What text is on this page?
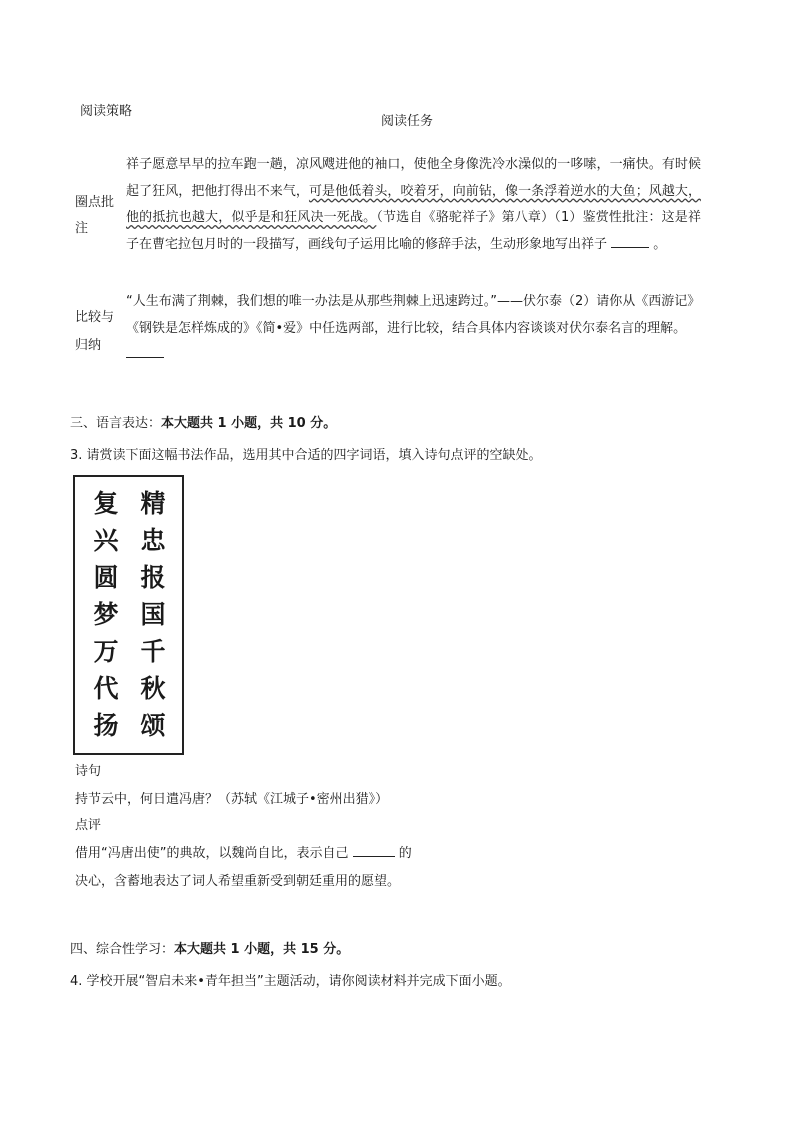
阅读策略
阅读任务
圈点批注
祥子愿意早早的拉车跑一趟，凉风飕进他的袖口，使他全身像洗冷水澡似的一哆嗦，一痛快。有时候起了狂风，把他打得出不来气，可是他低着头，咬着牙，向前钻，像一条浮着逆水的大鱼；风越大，他的抵抗也越大，似乎是和狂风决一死战。（节选自《骆驼祥子》第八章）（1）鉴赏性批注：这是祥子在曹宅拉包月时的一段描写，画线句子运用比喻的修辞手法，生动形象地写出祥子	。
比较与归纳
“人生布满了荆棘，我们想的唯一办法是从那些荆棘上迅速跨过。”——伏尔泰（2）请你从《西游记》《钢铁是怎样炼成的》《简•爱》中任选两部，进行比较，结合具体内容谈谈对伏尔泰名言的理解。
三、语言表达：本大题共 1 小题，共 10 分。
3. 请赏读下面这幅书法作品，选用其中合适的四字词语，填入诗句点评的空缺处。
复
兴
圆
梦
万
代
扬
精
忠
报
国
千
秋
颂
诗句
持节云中，何日遣冯唐？（苏轼《江城子•密州出猎》）
点评
借用“冯唐出使”的典故，以魏尚自比，表示自己	的
决心，含蓄地表达了词人希望重新受到朝廷重用的愿望。
四、综合性学习：本大题共 1 小题，共 15 分。
4. 学校开展“智启未来•青年担当”主题活动，请你阅读材料并完成下面小题。
